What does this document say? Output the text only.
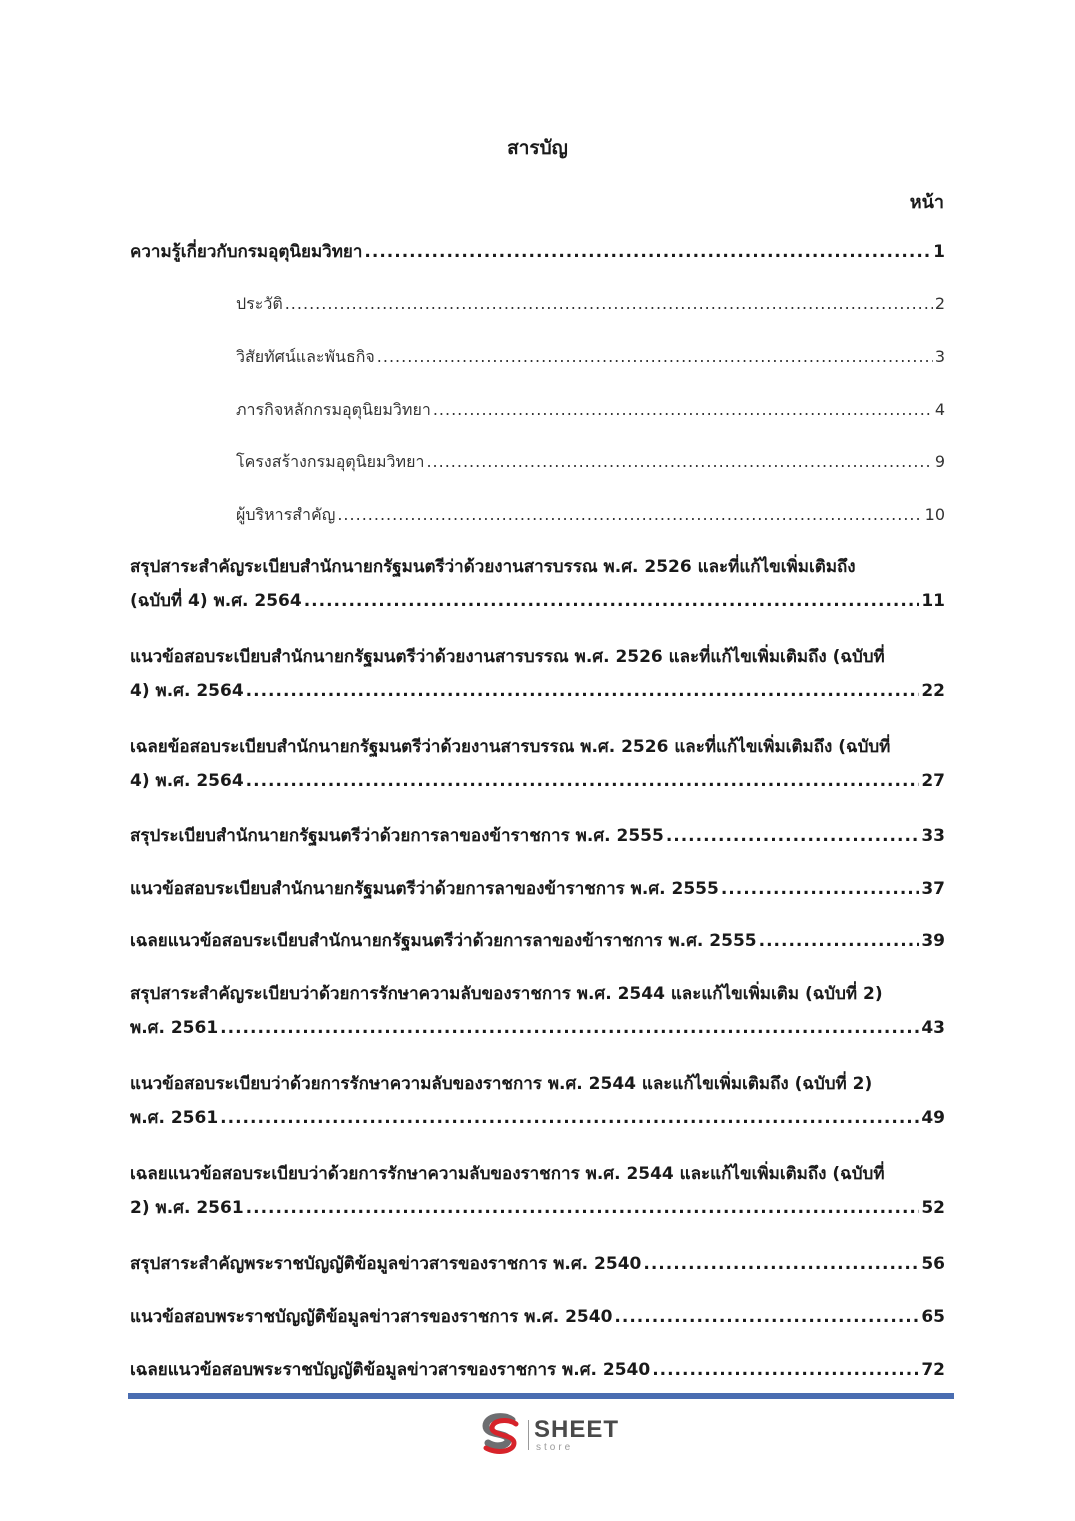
สารบัญ
หน้า
ความรู้เกี่ยวกับกรมอุตุนิยมวิทยา .....	1
ประวัติ .....	2
วิสัยทัศน์และพันธกิจ .....	3
ภารกิจหลักกรมอุตุนิยมวิทยา .....	4
โครงสร้างกรมอุตุนิยมวิทยา .....	9
ผู้บริหารสำคัญ .....	10
สรุปสาระสำคัญระเบียบสำนักนายกรัฐมนตรีว่าด้วยงานสารบรรณ พ.ศ. 2526 และที่แก้ไขเพิ่มเติมถึง
(ฉบับที่ 4) พ.ศ. 2564 .....	11
แนวข้อสอบระเบียบสำนักนายกรัฐมนตรีว่าด้วยงานสารบรรณ พ.ศ. 2526 และที่แก้ไขเพิ่มเติมถึง (ฉบับที่
4) พ.ศ. 2564 .....	22
เฉลยข้อสอบระเบียบสำนักนายกรัฐมนตรีว่าด้วยงานสารบรรณ พ.ศ. 2526 และที่แก้ไขเพิ่มเติมถึง (ฉบับที่
4) พ.ศ. 2564 .....	27
สรุประเบียบสำนักนายกรัฐมนตรีว่าด้วยการลาของข้าราชการ พ.ศ. 2555 .....	33
แนวข้อสอบระเบียบสำนักนายกรัฐมนตรีว่าด้วยการลาของข้าราชการ พ.ศ. 2555 .....	37
เฉลยแนวข้อสอบระเบียบสำนักนายกรัฐมนตรีว่าด้วยการลาของข้าราชการ พ.ศ. 2555 .....	39
สรุปสาระสำคัญระเบียบว่าด้วยการรักษาความลับของราชการ พ.ศ. 2544 และแก้ไขเพิ่มเติม (ฉบับที่ 2)
พ.ศ. 2561 .....	43
แนวข้อสอบระเบียบว่าด้วยการรักษาความลับของราชการ พ.ศ. 2544 และแก้ไขเพิ่มเติมถึง (ฉบับที่ 2)
พ.ศ. 2561 .....	49
เฉลยแนวข้อสอบระเบียบว่าด้วยการรักษาความลับของราชการ พ.ศ. 2544 และแก้ไขเพิ่มเติมถึง (ฉบับที่
2) พ.ศ. 2561 .....	52
สรุปสาระสำคัญพระราชบัญญัติข้อมูลข่าวสารของราชการ พ.ศ. 2540 .....	56
แนวข้อสอบพระราชบัญญัติข้อมูลข่าวสารของราชการ พ.ศ. 2540 .....	65
เฉลยแนวข้อสอบพระราชบัญญัติข้อมูลข่าวสารของราชการ พ.ศ. 2540 .....	72
SHEET
store
